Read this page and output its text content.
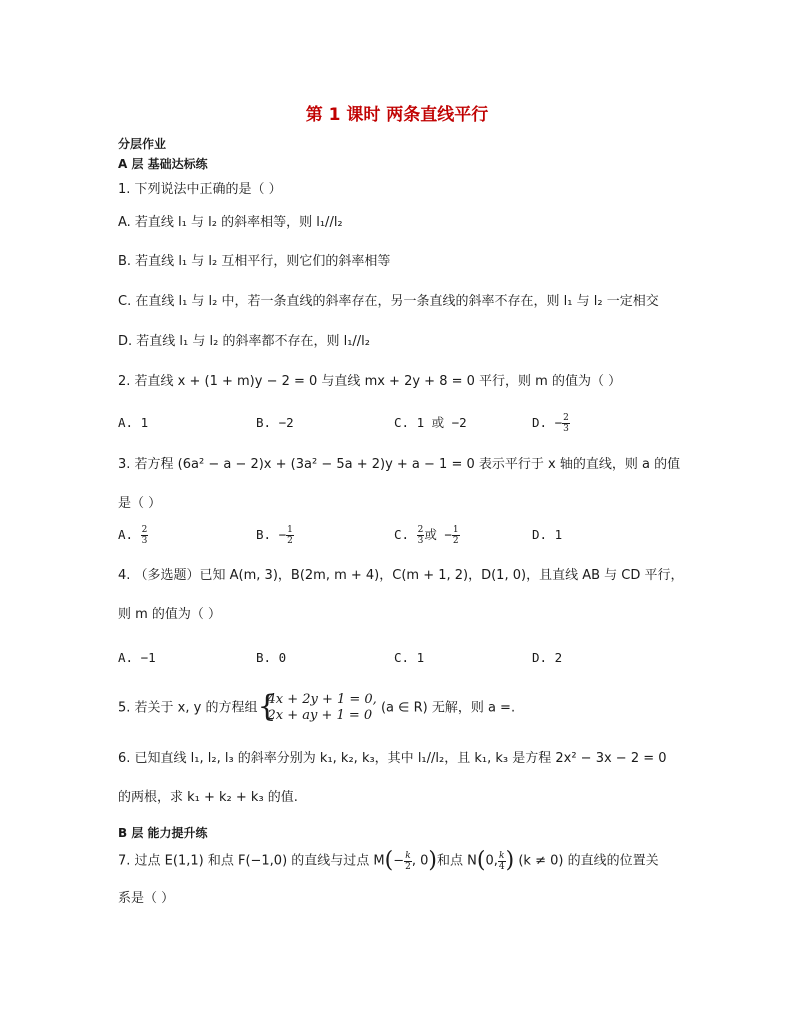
第 1 课时 两条直线平行
分层作业
A 层 基础达标练
1. 下列说法中正确的是（ ）
A. 若直线 l₁ 与 l₂ 的斜率相等，则 l₁//l₂
B. 若直线 l₁ 与 l₂ 互相平行，则它们的斜率相等
C. 在直线 l₁ 与 l₂ 中，若一条直线的斜率存在，另一条直线的斜率不存在，则 l₁ 与 l₂ 一定相交
D. 若直线 l₁ 与 l₂ 的斜率都不存在，则 l₁//l₂
2. 若直线 x + (1 + m)y − 2 = 0 与直线 mx + 2y + 8 = 0 平行，则 m 的值为（ ）
A. 1	B. −2	C. 1 或 −2	D. − $\frac{2}{3}$
3. 若方程 (6a² − a − 2)x + (3a² − 5a + 2)y + a − 1 = 0 表示平行于 x 轴的直线，则 a 的值
是（ ）
A. $\frac{2}{3}$	B. − $\frac{1}{2}$	C. $\frac{2}{3}$ 或 − $\frac{1}{2}$	D. 1
4. （多选题）已知 A(m, 3)，B(2m, m + 4)，C(m + 1, 2)，D(1, 0)，且直线 AB 与 CD 平行，
则 m 的值为（ ）
A. −1	B. 0	C. 1	D. 2
5. 若关于 x, y 的方程组 {
4x + 2y + 1 = 0,
2x + ay + 1 = 0 (a ∈ R) 无解，则 a =.
6. 已知直线 l₁, l₂, l₃ 的斜率分别为 k₁, k₂, k₃，其中 l₁//l₂，且 k₁, k₃ 是方程 2x² − 3x − 2 = 0
的两根，求 k₁ + k₂ + k₃ 的值.
B 层 能力提升练
7. 过点 E(1,1) 和点 F(−1,0) 的直线与过点 $M(- \frac{k}{2}$ , 0)和点 N(0, $\frac{k}{4}$ ) (k ≠ 0) 的直线的位置关
系是（ ）
